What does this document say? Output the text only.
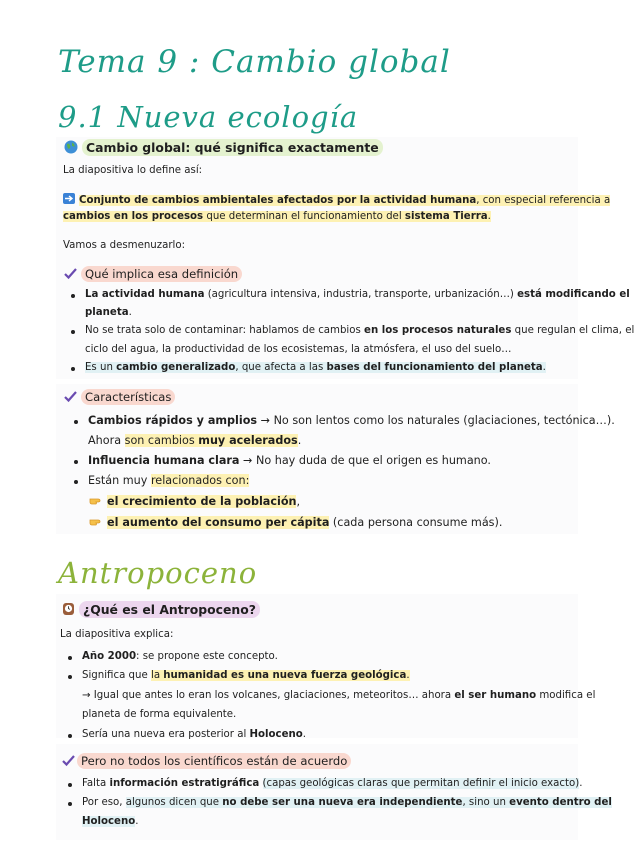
Tema 9 : Cambio global
9.1 Nueva ecología
Antropoceno
Cambio global: qué significa exactamente
La diapositiva lo define así:
Conjunto de cambios ambientales afectados por la actividad humana, con especial referencia a
cambios en los procesos que determinan el funcionamiento del sistema Tierra.
Vamos a desmenuzarlo:
Qué implica esa definición
La actividad humana (agricultura intensiva, industria, transporte, urbanización…) está modificando el
planeta.
No se trata solo de contaminar: hablamos de cambios en los procesos naturales que regulan el clima, el
ciclo del agua, la productividad de los ecosistemas, la atmósfera, el uso del suelo…
Es un cambio generalizado, que afecta a las bases del funcionamiento del planeta.
Características
Cambios rápidos y amplios → No son lentos como los naturales (glaciaciones, tectónica…).
Ahora son cambios muy acelerados.
Influencia humana clara → No hay duda de que el origen es humano.
Están muy relacionados con:
el crecimiento de la población,
el aumento del consumo per cápita (cada persona consume más).
¿Qué es el Antropoceno?
La diapositiva explica:
Año 2000: se propone este concepto.
Significa que la humanidad es una nueva fuerza geológica.
→ Igual que antes lo eran los volcanes, glaciaciones, meteoritos… ahora el ser humano modifica el
planeta de forma equivalente.
Sería una nueva era posterior al Holoceno.
Pero no todos los científicos están de acuerdo
Falta información estratigráfica (capas geológicas claras que permitan definir el inicio exacto).
Por eso, algunos dicen que no debe ser una nueva era independiente, sino un evento dentro del
Holoceno.
